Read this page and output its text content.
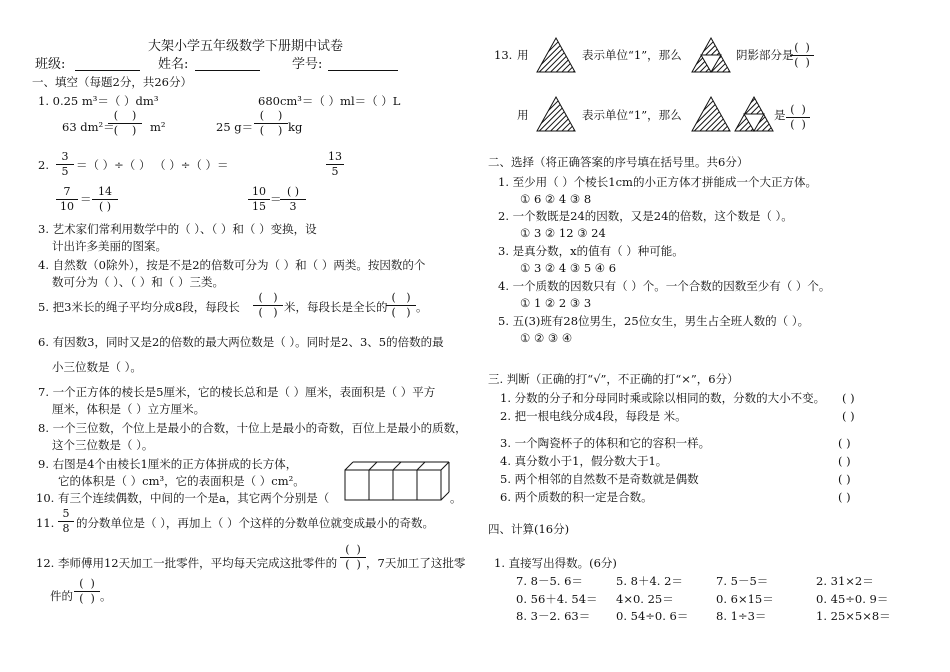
大架小学五年级数学下册期中试卷
班级:	姓名:	学号:
一、填空（每题2分，共26分）
1. 0.25 m³＝（ ）dm³	680cm³＝（ ）ml＝（ ）L
63 dm²＝
(    )
(    )	m²	25 g＝
(    )
(    ) kg
2.
3
5 ＝（ ）÷（ ） （ ）÷（ ）＝
13
5
7
10
＝
14
( )
10
15
＝
( )
3
3. 艺术家们常利用数学中的（ ）、（ ）和（ ）变换，设
计出许多美丽的图案。
4. 自然数（0除外），按是不是2的倍数可分为（ ）和（ ）两类。按因数的个
数可分为（ ）、（ ）和（ ）三类。
5. 把3米长的绳子平均分成8段，每段长
(   )
(   ) 米，每段长是全长的
(   )
(   ) 。
6. 有因数3，同时又是2的倍数的最大两位数是（ ）。同时是2、3、5的倍数的最
小三位数是（ ）。
7. 一个正方体的棱长是5厘米，它的棱长总和是（ ）厘米，表面积是（ ）平方
厘米，体积是（ ）立方厘米。
8. 一个三位数，个位上是最小的合数，十位上是最小的奇数，百位上是最小的质数，
这个三位数是（ ）。
9. 右图是4个由棱长1厘米的正方体拼成的长方体，
它的体积是（ ）cm³，它的表面积是（ ）cm²。
10. 有三个连续偶数，中间的一个是a，其它两个分别是（	。
11.
5
8 的分数单位是（ ），再加上（ ）个这样的分数单位就变成最小的奇数。
12. 李师傅用12天加工一批零件，平均每天完成这批零件的
(  )
(  ) ，7天加工了这批零
件的
(  )
(  ) 。
13. 用	表示单位“1”，那么	阴影部分是
(  )
(  )
用	表示单位“1”，那么	是 (  )
(  )
二、选择（将正确答案的序号填在括号里。共6分）
1. 至少用（ ）个棱长1cm的小正方体才拼能成一个大正方体。
① 6 ② 4 ③ 8
2. 一个数既是24的因数，又是24的倍数，这个数是（ ）。
① 3 ② 12 ③ 24
3. 是真分数，x的值有（ ）种可能。
① 3 ② 4 ③ 5 ④ 6
4. 一个质数的因数只有（ ）个。一个合数的因数至少有（ ）个。
① 1 ② 2 ③ 3
5. 五(3)班有28位男生，25位女生，男生占全班人数的（ ）。
① ② ③ ④
三. 判断（正确的打“√”，不正确的打“×”，6分）
1. 分数的分子和分母同时乘或除以相同的数，分数的大小不变。 ( )
2. 把一根电线分成4段，每段是 米。	( )
3. 一个陶瓷杯子的体积和它的容积一样。	( )
4. 真分数小于1，假分数大于1。	( )
5. 两个相邻的自然数不是奇数就是偶数	( )
6. 两个质数的积一定是合数。	( )
四、计算(16分)
1. 直接写出得数。(6分)
7. 8－5. 6＝	5. 8＋4. 2＝	7. 5－5＝	2. 31×2＝
0. 56＋4. 54＝ 4×0. 25＝	0. 6×15＝	0. 45÷0. 9＝
8. 3－2. 63＝ 0. 54÷0. 6＝ 8. 1÷3＝	1. 25×5×8＝
